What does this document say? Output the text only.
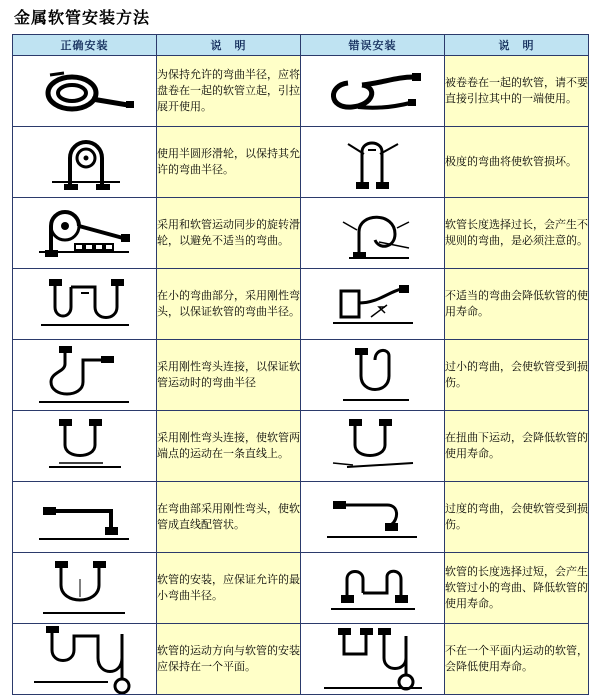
金属软管安装方法
正确安装	说　明	错误安装	说　明

	为保持允许的弯曲半径，应将盘卷在一起的软管立起，引拉展开使用。		被卷卷在一起的软管，请不要直接引拉其中的一端使用。

	使用半圆形滑轮，以保持其允许的弯曲半径。		极度的弯曲将使软管损坏。

	采用和软管运动同步的旋转滑轮，以避免不适当的弯曲。		软管长度选择过长，会产生不规则的弯曲，是必须注意的。

	在小的弯曲部分，采用刚性弯头，以保证软管的弯曲半径。		不适当的弯曲会降低软管的使用寿命。

	采用刚性弯头连接，以保证软管运动时的弯曲半径		过小的弯曲，会使软管受到损伤。

	采用刚性弯头连接，使软管两端点的运动在一条直线上。		在扭曲下运动，会降低软管的使用寿命。

	在弯曲部采用刚性弯头，使软管成直线配管状。		过度的弯曲，会使软管受到损伤。

	软管的安装，应保证允许的最小弯曲半径。		软管的长度选择过短，会产生软管过小的弯曲、降低软管的使用寿命。

	软管的运动方向与软管的安装应保持在一个平面。		不在一个平面内运动的软管，会降低使用寿命。
